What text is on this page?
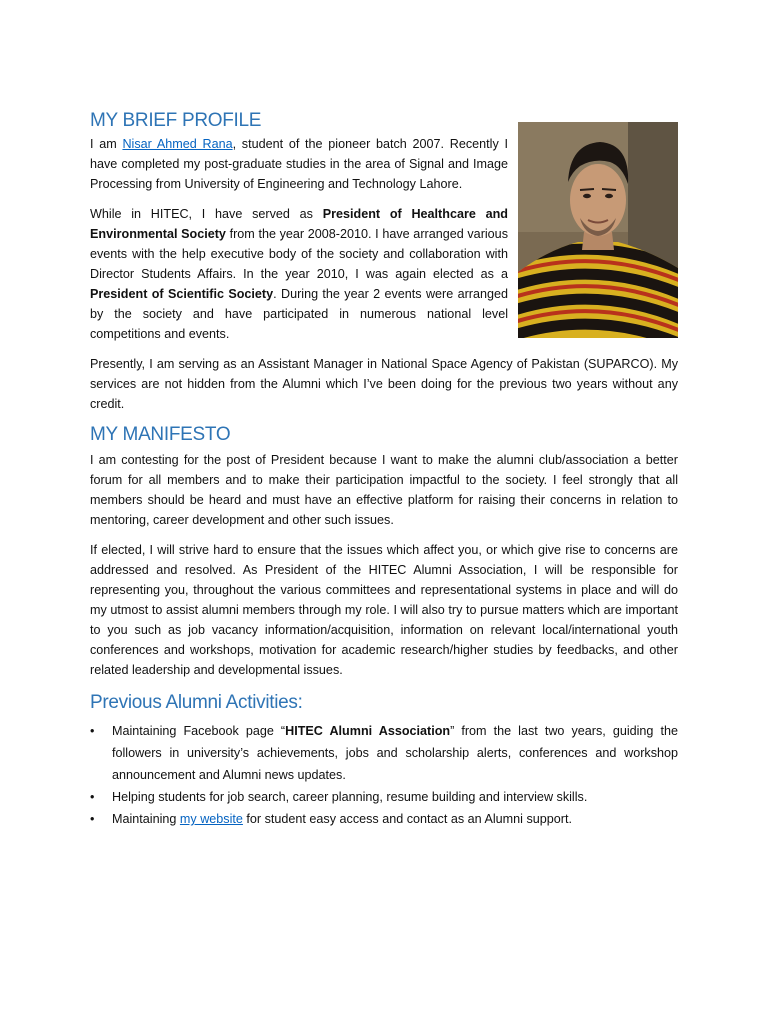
MY BRIEF PROFILE

I am Nisar Ahmed Rana, student of the pioneer batch 2007. Recently I have completed my post-graduate studies in the area of Signal and Image Processing from University of Engineering and Technology Lahore.

While in HITEC, I have served as President of Healthcare and Environmental Society from the year 2008-2010. I have arranged various events with the help executive body of the society and collaboration with Director Students Affairs. In the year 2010, I was again elected as a President of Scientific Society. During the year 2 events were arranged by the society and have participated in numerous national level competitions and events.

Presently, I am serving as an Assistant Manager in National Space Agency of Pakistan (SUPARCO). My services are not hidden from the Alumni which I’ve been doing for the previous two years without any credit.

MY MANIFESTO

I am contesting for the post of President because I want to make the alumni club/association a better forum for all members and to make their participation impactful to the society. I feel strongly that all members should be heard and must have an effective platform for raising their concerns in relation to mentoring, career development and other such issues.

If elected, I will strive hard to ensure that the issues which affect you, or which give rise to concerns are addressed and resolved. As President of the HITEC Alumni Association, I will be responsible for representing you, throughout the various committees and representational systems in place and will do my utmost to assist alumni members through my role. I will also try to pursue matters which are important to you such as job vacancy information/acquisition, information on relevant local/international youth conferences and workshops, motivation for academic research/higher studies by feedbacks, and other related leadership and developmental issues.

Previous Alumni Activities:
•	Maintaining Facebook page “HITEC Alumni Association” from the last two years, guiding the followers in university’s achievements, jobs and scholarship alerts, conferences and workshop announcement and Alumni news updates.
•	Helping students for job search, career planning, resume building and interview skills.
•	Maintaining my website for student easy access and contact as an Alumni support.
